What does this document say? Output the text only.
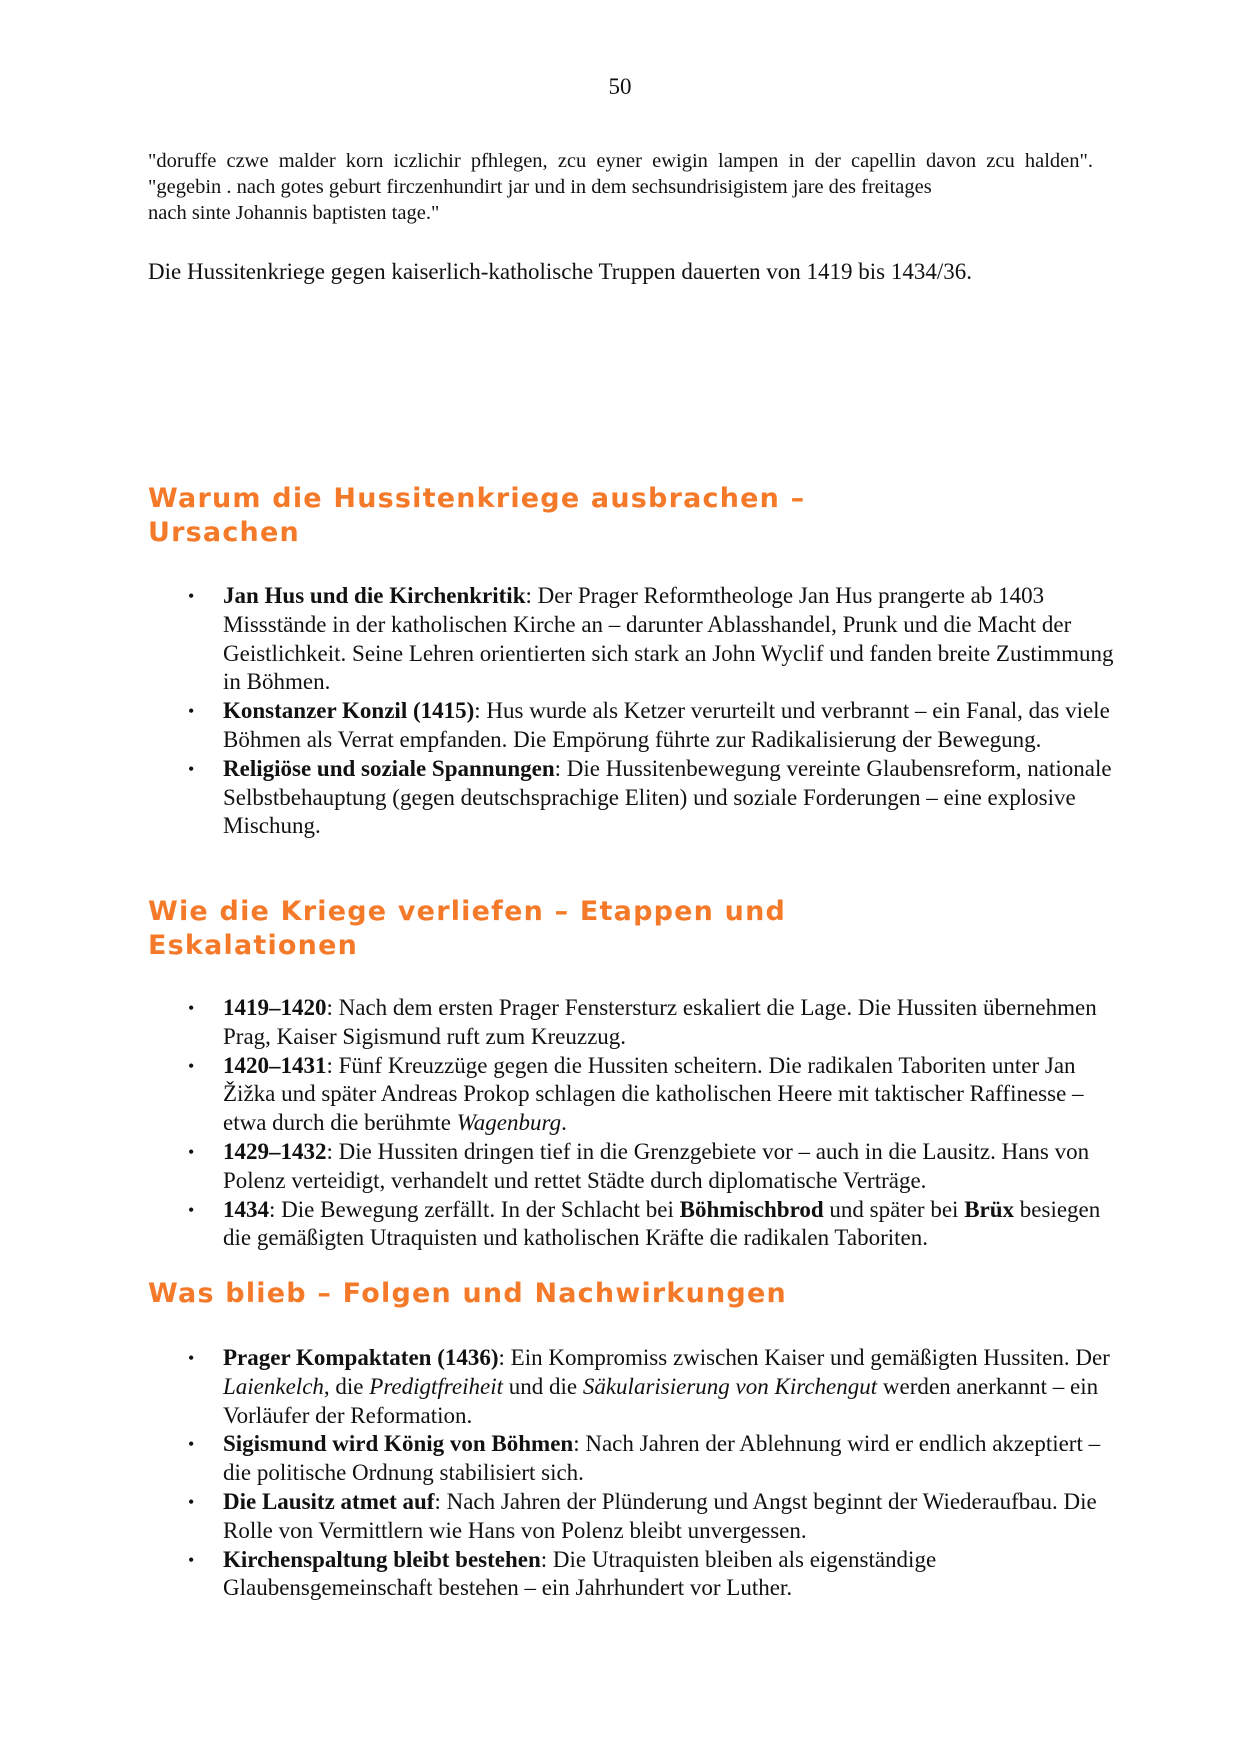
50

"doruffe czwe malder korn iczlichir pfhlegen, zcu eyner ewigin lampen in der capellin davon zcu halden". "gegebin . nach gotes geburt firczenhundirt jar und in dem sechsundrisigistem jare des freitages
nach sinte Johannis baptisten tage."

Die Hussitenkriege gegen kaiserlich-katholische Truppen dauerten von 1419 bis 1434/36.

Warum die Hussitenkriege ausbrachen –
Ursachen
• Jan Hus und die Kirchenkritik: Der Prager Reformtheologe Jan Hus prangerte ab 1403 Missstände in der katholischen Kirche an – darunter Ablasshandel, Prunk und die Macht der Geistlichkeit. Seine Lehren orientierten sich stark an John Wyclif und fanden breite Zustimmung in Böhmen.
• Konstanzer Konzil (1415): Hus wurde als Ketzer verurteilt und verbrannt – ein Fanal, das viele Böhmen als Verrat empfanden. Die Empörung führte zur Radikalisierung der Bewegung.
• Religiöse und soziale Spannungen: Die Hussitenbewegung vereinte Glaubensreform, nationale Selbstbehauptung (gegen deutschsprachige Eliten) und soziale Forderungen – eine explosive Mischung.
Wie die Kriege verliefen – Etappen und
Eskalationen
• 1419–1420: Nach dem ersten Prager Fenstersturz eskaliert die Lage. Die Hussiten übernehmen Prag, Kaiser Sigismund ruft zum Kreuzzug.
• 1420–1431: Fünf Kreuzzüge gegen die Hussiten scheitern. Die radikalen Taboriten unter Jan Žižka und später Andreas Prokop schlagen die katholischen Heere mit taktischer Raffinesse – etwa durch die berühmte Wagenburg.
• 1429–1432: Die Hussiten dringen tief in die Grenzgebiete vor – auch in die Lausitz. Hans von Polenz verteidigt, verhandelt und rettet Städte durch diplomatische Verträge.
• 1434: Die Bewegung zerfällt. In der Schlacht bei Böhmischbrod und später bei Brüx besiegen die gemäßigten Utraquisten und katholischen Kräfte die radikalen Taboriten.
Was blieb – Folgen und Nachwirkungen
• Prager Kompaktaten (1436): Ein Kompromiss zwischen Kaiser und gemäßigten Hussiten. Der Laienkelch, die Predigtfreiheit und die Säkularisierung von Kirchengut werden anerkannt – ein Vorläufer der Reformation.
• Sigismund wird König von Böhmen: Nach Jahren der Ablehnung wird er endlich akzeptiert – die politische Ordnung stabilisiert sich.
• Die Lausitz atmet auf: Nach Jahren der Plünderung und Angst beginnt der Wiederaufbau. Die Rolle von Vermittlern wie Hans von Polenz bleibt unvergessen.
• Kirchenspaltung bleibt bestehen: Die Utraquisten bleiben als eigenständige Glaubensgemeinschaft bestehen – ein Jahrhundert vor Luther.
